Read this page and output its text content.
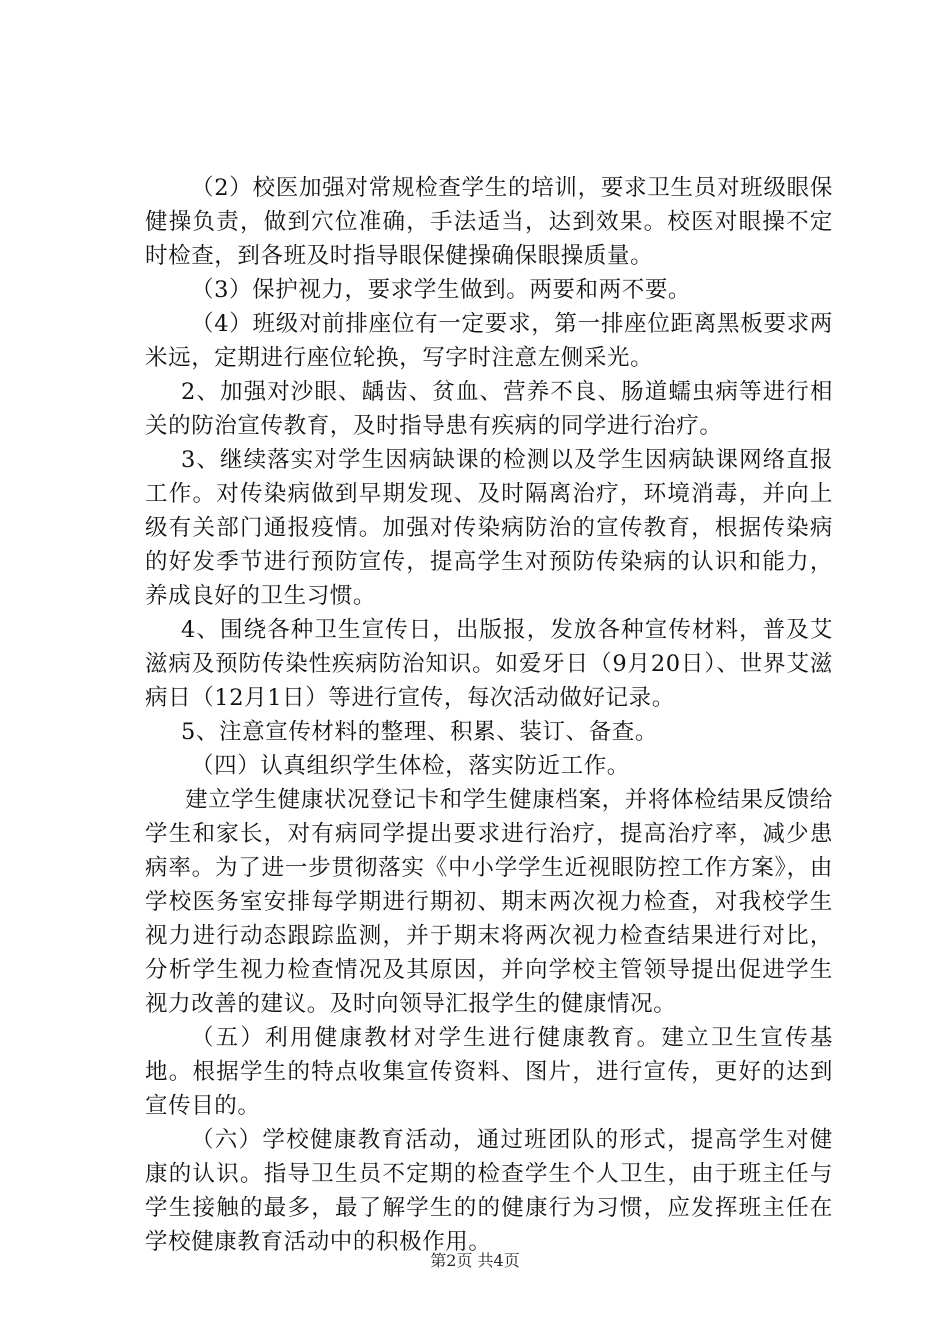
（2）校医加强对常规检查学生的培训，要求卫生员对班级眼保健操负责，做到穴位准确，手法适当，达到效果。校医对眼操不定时检查，到各班及时指导眼保健操确保眼操质量。

（3）保护视力，要求学生做到。两要和两不要。

（4）班级对前排座位有一定要求，第一排座位距离黑板要求两米远，定期进行座位轮换，写字时注意左侧采光。

2、加强对沙眼、龋齿、贫血、营养不良、肠道蠕虫病等进行相关的防治宣传教育，及时指导患有疾病的同学进行治疗。

3、继续落实对学生因病缺课的检测以及学生因病缺课网络直报工作。对传染病做到早期发现、及时隔离治疗，环境消毒，并向上级有关部门通报疫情。加强对传染病防治的宣传教育，根据传染病的好发季节进行预防宣传，提高学生对预防传染病的认识和能力，养成良好的卫生习惯。

4、围绕各种卫生宣传日，出版报，发放各种宣传材料，普及艾滋病及预防传染性疾病防治知识。如爱牙日（9月20日）、世界艾滋病日（12月1日）等进行宣传，每次活动做好记录。

5、注意宣传材料的整理、积累、装订、备查。

（四）认真组织学生体检，落实防近工作。

建立学生健康状况登记卡和学生健康档案，并将体检结果反馈给学生和家长，对有病同学提出要求进行治疗，提高治疗率，减少患病率。为了进一步贯彻落实《中小学学生近视眼防控工作方案》，由学校医务室安排每学期进行期初、期末两次视力检查，对我校学生视力进行动态跟踪监测，并于期末将两次视力检查结果进行对比，分析学生视力检查情况及其原因，并向学校主管领导提出促进学生视力改善的建议。及时向领导汇报学生的健康情况。

（五）利用健康教材对学生进行健康教育。建立卫生宣传基地。根据学生的特点收集宣传资料、图片，进行宣传，更好的达到宣传目的。

（六）学校健康教育活动，通过班团队的形式，提高学生对健康的认识。指导卫生员不定期的检查学生个人卫生，由于班主任与学生接触的最多，最了解学生的的健康行为习惯，应发挥班主任在学校健康教育活动中的积极作用。

第2页 共4页
